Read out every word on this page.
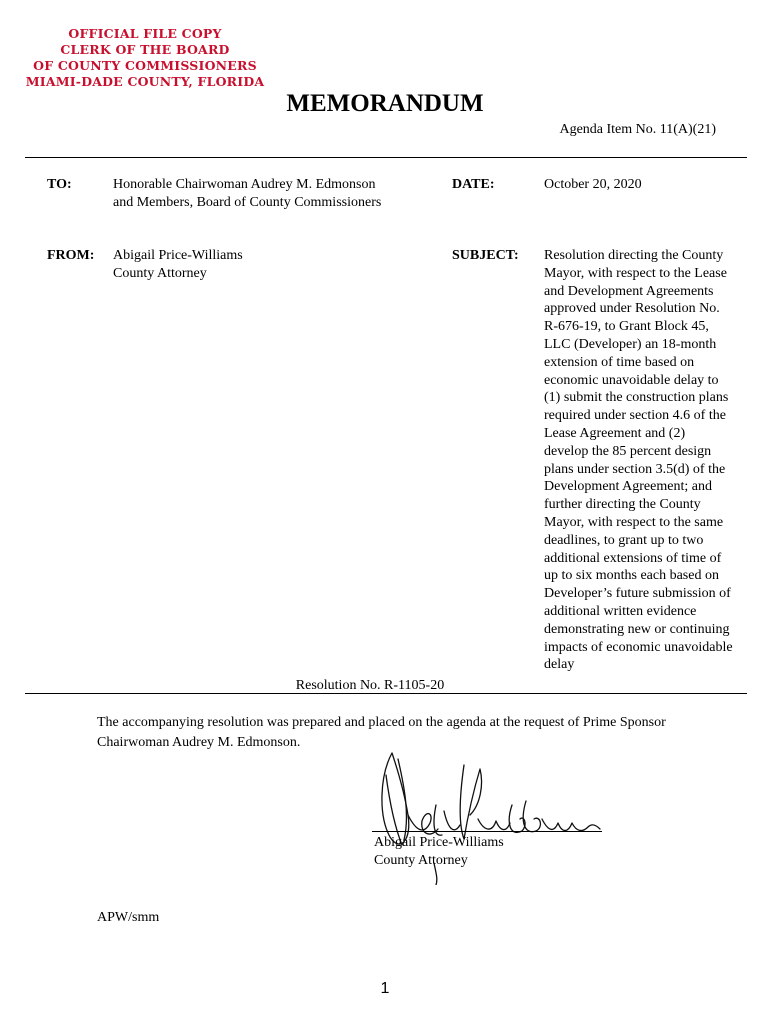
OFFICIAL FILE COPY
CLERK OF THE BOARD
OF COUNTY COMMISSIONERS
MIAMI-DADE COUNTY, FLORIDA
MEMORANDUM
Agenda Item No. 11(A)(21)
TO:	Honorable Chairwoman Audrey M. Edmonson
and Members, Board of County Commissioners
DATE:	October 20, 2020
FROM: Abigail Price-Williams
County Attorney
SUBJECT: Resolution directing the County
Mayor, with respect to the Lease
and Development Agreements
approved under Resolution No.
R-676-19, to Grant Block 45,
LLC (Developer) an 18-month
extension of time based on
economic unavoidable delay to
(1) submit the construction plans
required under section 4.6 of the
Lease Agreement and (2)
develop the 85 percent design
plans under section 3.5(d) of the
Development Agreement; and
further directing the County
Mayor, with respect to the same
deadlines, to grant up to two
additional extensions of time of
up to six months each based on
Developer’s future submission of
additional written evidence
demonstrating new or continuing
impacts of economic unavoidable
delay
Resolution No. R-1105-20
The accompanying resolution was prepared and placed on the agenda at the request of Prime Sponsor
Chairwoman Audrey M. Edmonson.
Abigail Price-Williams
County Attorney
APW/smm
1
